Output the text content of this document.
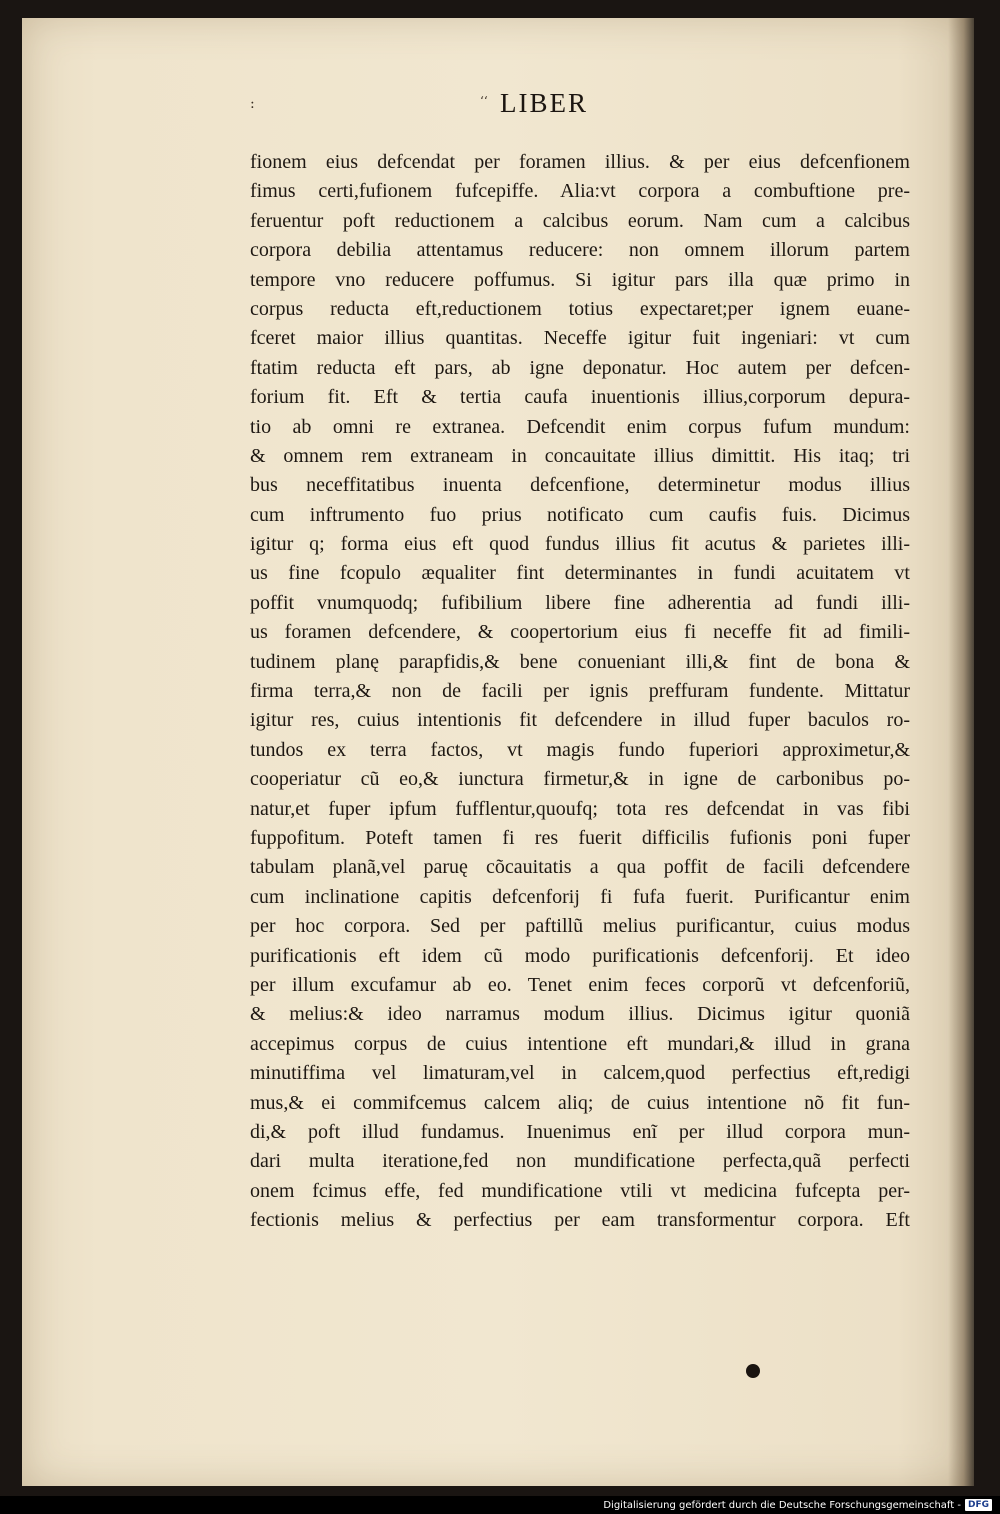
:	ʻʻ LIBER
fionem eius defcendat per foramen illius. & per eius defcenfionem
fimus certi,fufionem fufcepiffe. Alia:vt corpora a combuftione pre-
feruentur poft reductionem a calcibus eorum. Nam cum a calcibus
corpora debilia attentamus reducere: non omnem illorum partem
tempore vno reducere poffumus. Si igitur pars illa quæ primo in
corpus reducta eft,reductionem totius expectaret;per ignem euane-
fceret maior illius quantitas. Neceffe igitur fuit ingeniari: vt cum
ftatim reducta eft pars, ab igne deponatur. Hoc autem per defcen-
forium fit. Eft & tertia caufa inuentionis illius,corporum depura-
tio ab omni re extranea. Defcendit enim corpus fufum mundum:
& omnem rem extraneam in concauitate illius dimittit. His itaq; tri
bus neceffitatibus inuenta defcenfione, determinetur modus illius
cum inftrumento fuo prius notificato cum caufis fuis. Dicimus
igitur q; forma eius eft quod fundus illius fit acutus & parietes illi-
us fine fcopulo æqualiter fint determinantes in fundi acuitatem vt
poffit vnumquodq; fufibilium libere fine adherentia ad fundi illi-
us foramen defcendere, & coopertorium eius fi neceffe fit ad fimili-
tudinem planę parapfidis,& bene conueniant illi,& fint de bona &
firma terra,& non de facili per ignis preffuram fundente. Mittatur
igitur res, cuius intentionis fit defcendere in illud fuper baculos ro-
tundos ex terra factos, vt magis fundo fuperiori approximetur,&
cooperiatur cũ eo,& iunctura firmetur,& in igne de carbonibus po-
natur,et fuper ipfum fufflentur,quoufq; tota res defcendat in vas fibi
fuppofitum. Poteft tamen fi res fuerit difficilis fufionis poni fuper
tabulam planã,vel paruę cõcauitatis a qua poffit de facili defcendere
cum inclinatione capitis defcenforij fi fufa fuerit. Purificantur enim
per hoc corpora. Sed per paftillũ melius purificantur, cuius modus
purificationis eft idem cũ modo purificationis defcenforij. Et ideo
per illum excufamur ab eo. Tenet enim feces corporũ vt defcenforiũ,
& melius:& ideo narramus modum illius. Dicimus igitur quoniã
accepimus corpus de cuius intentione eft mundari,& illud in grana
minutiffima vel limaturam,vel in calcem,quod perfectius eft,redigi
mus,& ei commifcemus calcem aliq; de cuius intentione nõ fit fun-
di,& poft illud fundamus. Inuenimus enĩ per illud corpora mun-
dari multa iteratione,fed non mundificatione perfecta,quã perfecti
onem fcimus effe, fed mundificatione vtili vt medicina fufcepta per-
fectionis melius & perfectius per eam transformentur corpora. Eft
Digitalisierung gefördert durch die Deutsche Forschungsgemeinschaft - DFG
